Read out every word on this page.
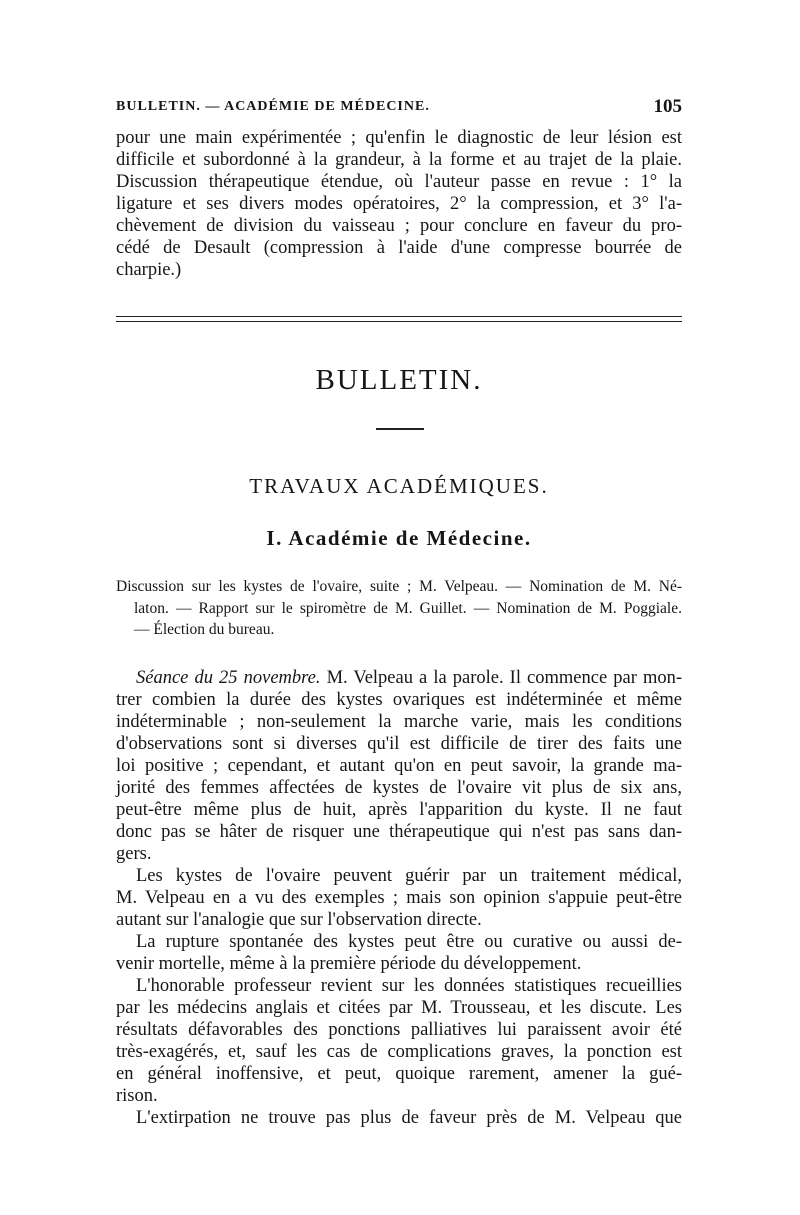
BULLETIN. — ACADÉMIE DE MÉDECINE.	105

pour une main expérimentée ; qu'enfin le diagnostic de leur lésion est
difficile et subordonné à la grandeur, à la forme et au trajet de la plaie.
Discussion thérapeutique étendue, où l'auteur passe en revue : 1° la
ligature et ses divers modes opératoires, 2° la compression, et 3° l'a-
chèvement de division du vaisseau ; pour conclure en faveur du pro-
cédé de Desault (compression à l'aide d'une compresse bourrée de
charpie.)

BULLETIN.
TRAVAUX ACADÉMIQUES.
I. Académie de Médecine.
Discussion sur les kystes de l'ovaire, suite ; M. Velpeau. — Nomination de M. Né-
laton. — Rapport sur le spiromètre de M. Guillet. — Nomination de M. Poggiale.
— Élection du bureau.

Séance du 25 novembre. M. Velpeau a la parole. Il commence par mon-
trer combien la durée des kystes ovariques est indéterminée et même
indéterminable ; non-seulement la marche varie, mais les conditions
d'observations sont si diverses qu'il est difficile de tirer des faits une
loi positive ; cependant, et autant qu'on en peut savoir, la grande ma-
jorité des femmes affectées de kystes de l'ovaire vit plus de six ans,
peut-être même plus de huit, après l'apparition du kyste. Il ne faut
donc pas se hâter de risquer une thérapeutique qui n'est pas sans dan-
gers.
Les kystes de l'ovaire peuvent guérir par un traitement médical,
M. Velpeau en a vu des exemples ; mais son opinion s'appuie peut-être
autant sur l'analogie que sur l'observation directe.
La rupture spontanée des kystes peut être ou curative ou aussi de-
venir mortelle, même à la première période du développement.
L'honorable professeur revient sur les données statistiques recueillies
par les médecins anglais et citées par M. Trousseau, et les discute. Les
résultats défavorables des ponctions palliatives lui paraissent avoir été
très-exagérés, et, sauf les cas de complications graves, la ponction est
en général inoffensive, et peut, quoique rarement, amener la gué-
rison.
L'extirpation ne trouve pas plus de faveur près de M. Velpeau que
